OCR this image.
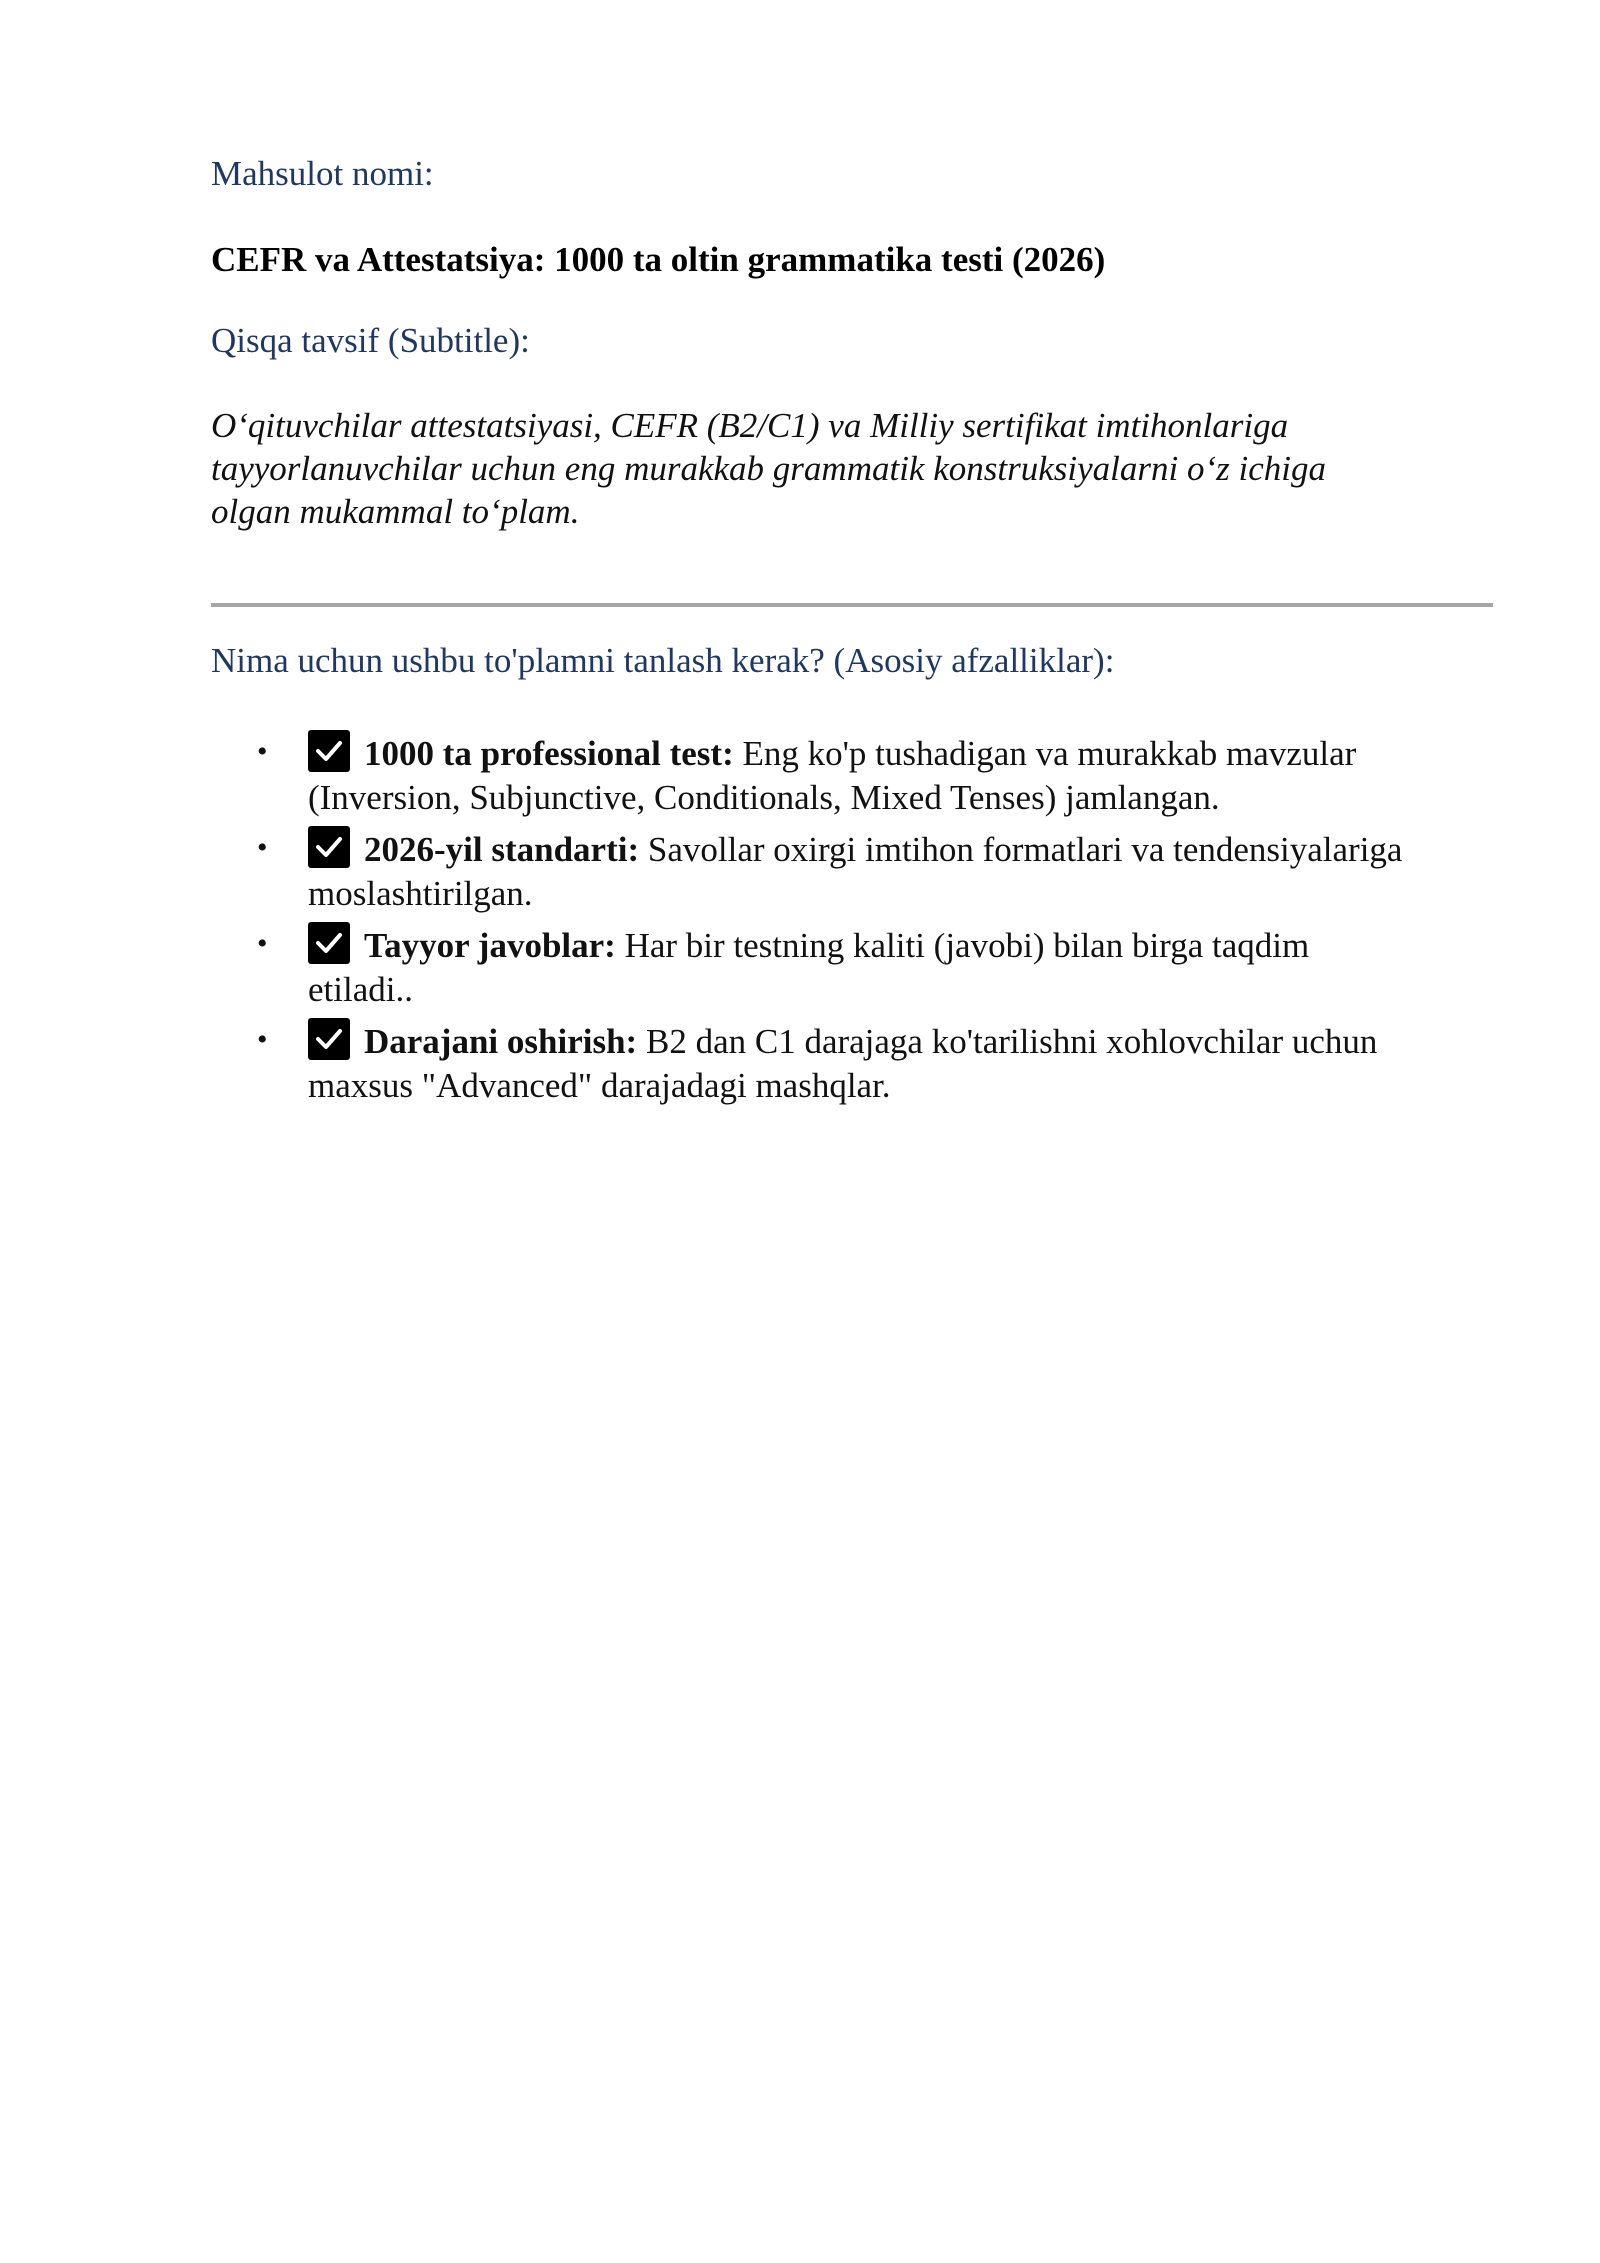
Mahsulot nomi:
CEFR va Attestatsiya: 1000 ta oltin grammatika testi (2026)
Qisqa tavsif (Subtitle):
O‘qituvchilar attestatsiyasi, CEFR (B2/C1) va Milliy sertifikat imtihonlariga
tayyorlanuvchilar uchun eng murakkab grammatik konstruksiyalarni o‘z ichiga
olgan mukammal to‘plam.
Nima uchun ushbu to'plamni tanlash kerak? (Asosiy afzalliklar):
•	1000 ta professional test: Eng ko'p tushadigan va murakkab mavzular
(Inversion, Subjunctive, Conditionals, Mixed Tenses) jamlangan.
•	2026-yil standarti: Savollar oxirgi imtihon formatlari va tendensiyalariga
moslashtirilgan.
•	Tayyor javoblar: Har bir testning kaliti (javobi) bilan birga taqdim
etiladi..
•	Darajani oshirish: B2 dan C1 darajaga ko'tarilishni xohlovchilar uchun
maxsus "Advanced" darajadagi mashqlar.
